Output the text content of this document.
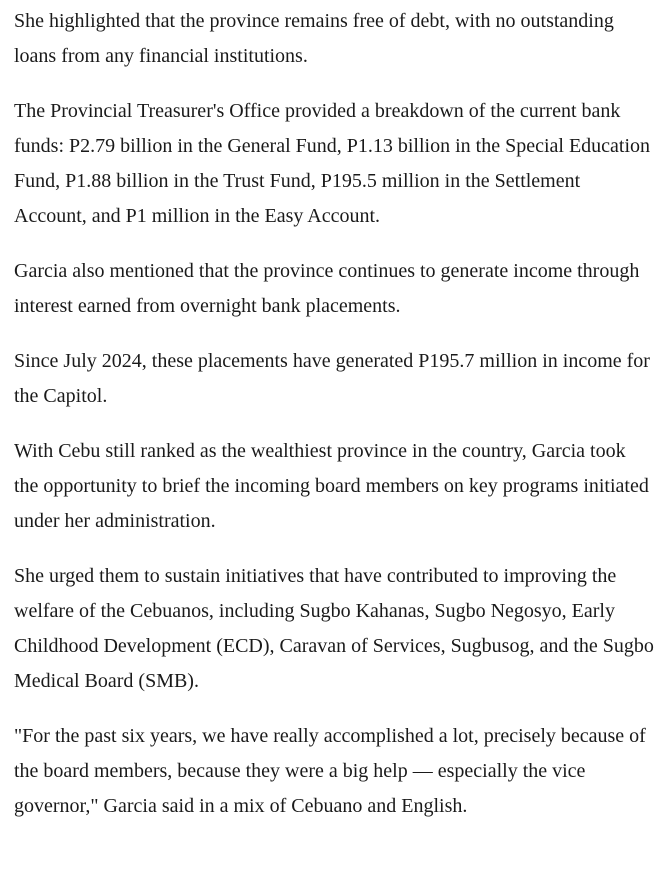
She highlighted that the province remains free of debt, with no outstanding loans from any financial institutions.

The Provincial Treasurer's Office provided a breakdown of the current bank funds: P2.79 billion in the General Fund, P1.13 billion in the Special Education Fund, P1.88 billion in the Trust Fund, P195.5 million in the Settlement Account, and P1 million in the Easy Account.

Garcia also mentioned that the province continues to generate income through interest earned from overnight bank placements.

Since July 2024, these placements have generated P195.7 million in income for the Capitol.

With Cebu still ranked as the wealthiest province in the country, Garcia took the opportunity to brief the incoming board members on key programs initiated under her administration.

She urged them to sustain initiatives that have contributed to improving the welfare of the Cebuanos, including Sugbo Kahanas, Sugbo Negosyo, Early Childhood Development (ECD), Caravan of Services, Sugbusog, and the Sugbo Medical Board (SMB).

"For the past six years, we have really accomplished a lot, precisely because of the board members, because they were a big help — especially the vice governor," Garcia said in a mix of Cebuano and English.
